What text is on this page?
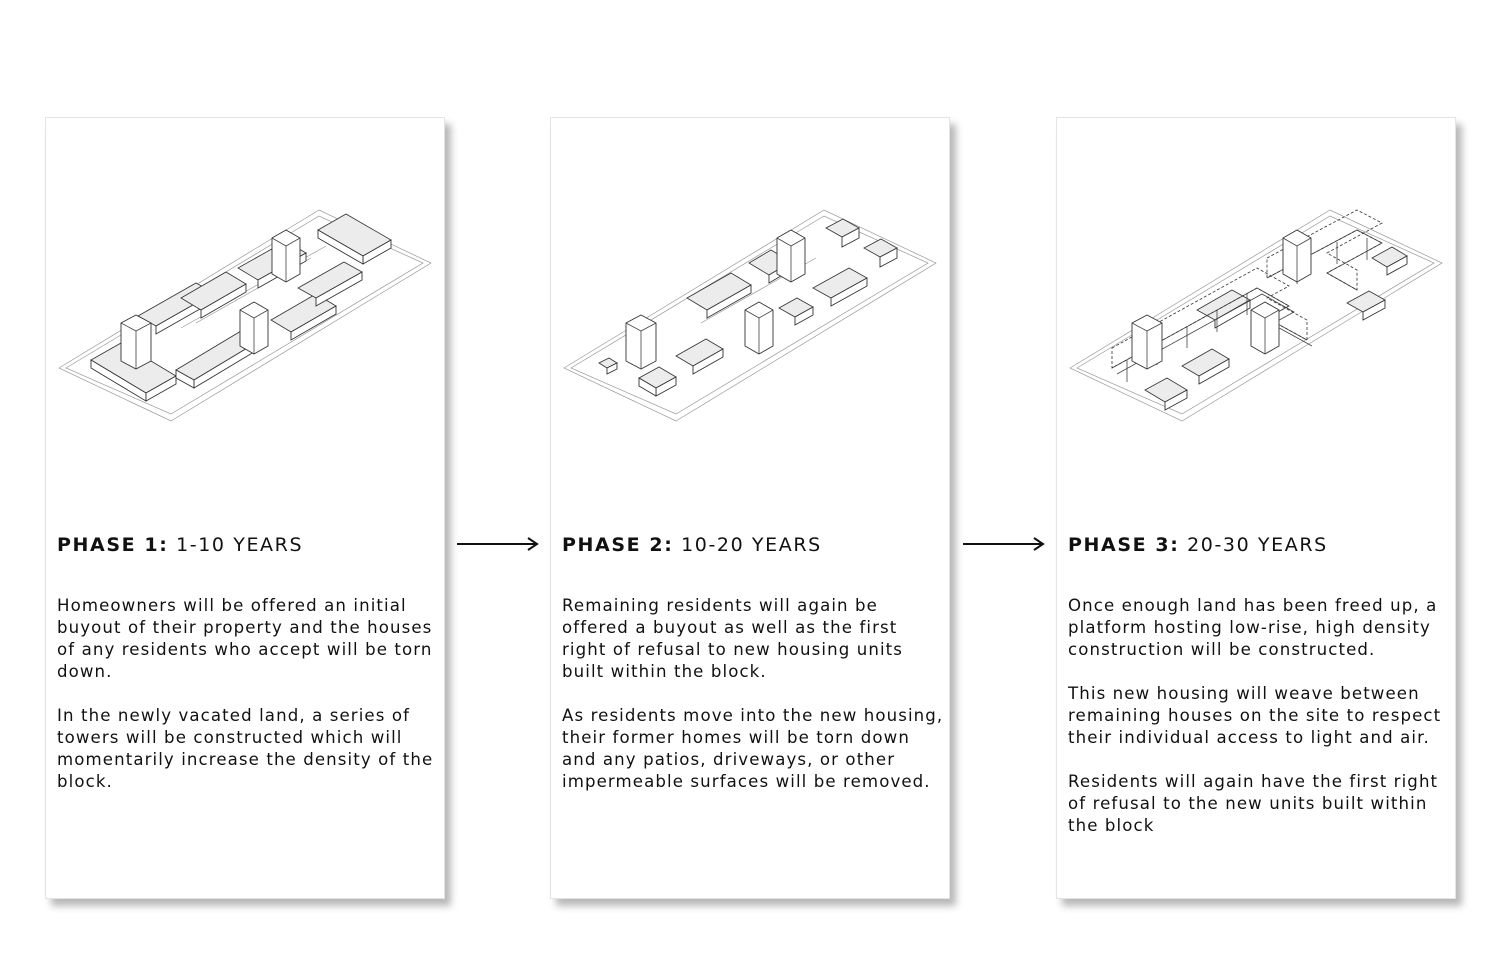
PHASE 1: 1-10 YEARS

Homeowners will be offered an initial buyout of their property and the houses of any residents who accept will be torn down.

In the newly vacated land, a series of towers will be constructed which will momentarily increase the density of the block.

PHASE 2: 10-20 YEARS

Remaining residents will again be offered a buyout as well as the first right of refusal to new housing units built within the block.

As residents move into the new housing, their former homes will be torn down and any patios, driveways, or other impermeable surfaces will be removed.

PHASE 3: 20-30 YEARS

Once enough land has been freed up, a platform hosting low-rise, high density construction will be constructed.

This new housing will weave between remaining houses on the site to respect their individual access to light and air.

Residents will again have the first right of refusal to the new units built within the block
